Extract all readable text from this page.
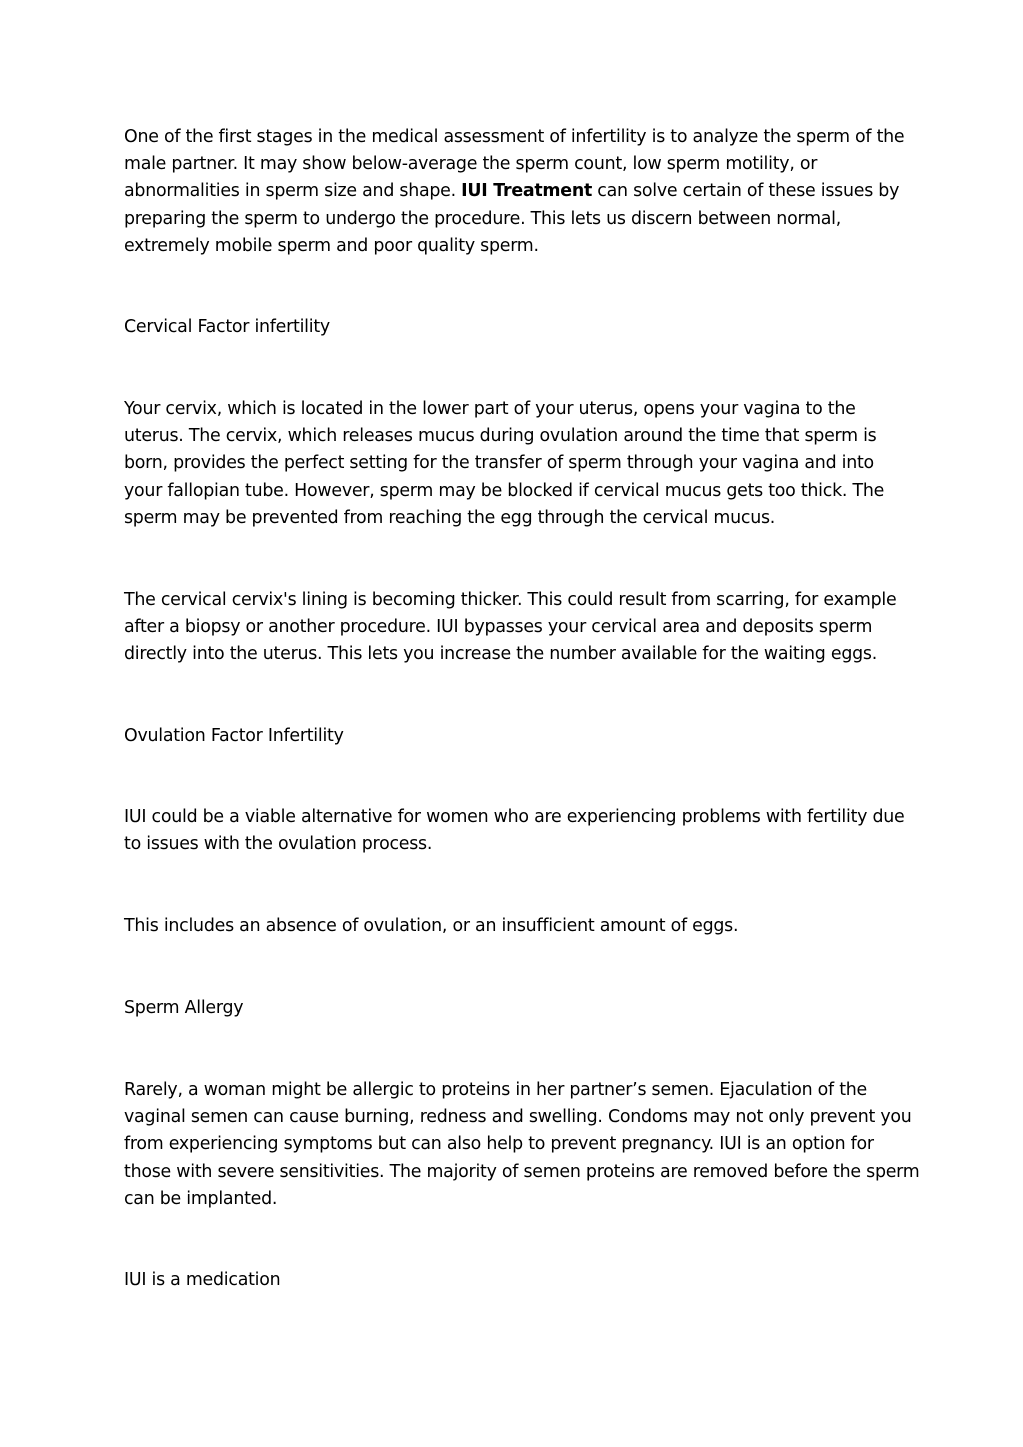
One of the first stages in the medical assessment of infertility is to analyze the sperm of the
male partner. It may show below-average the sperm count, low sperm motility, or
abnormalities in sperm size and shape. IUI Treatment can solve certain of these issues by
preparing the sperm to undergo the procedure. This lets us discern between normal,
extremely mobile sperm and poor quality sperm.

Cervical Factor infertility

Your cervix, which is located in the lower part of your uterus, opens your vagina to the
uterus. The cervix, which releases mucus during ovulation around the time that sperm is
born, provides the perfect setting for the transfer of sperm through your vagina and into
your fallopian tube. However, sperm may be blocked if cervical mucus gets too thick. The
sperm may be prevented from reaching the egg through the cervical mucus.

The cervical cervix's lining is becoming thicker. This could result from scarring, for example
after a biopsy or another procedure. IUI bypasses your cervical area and deposits sperm
directly into the uterus. This lets you increase the number available for the waiting eggs.

Ovulation Factor Infertility

IUI could be a viable alternative for women who are experiencing problems with fertility due
to issues with the ovulation process.

This includes an absence of ovulation, or an insufficient amount of eggs.

Sperm Allergy

Rarely, a woman might be allergic to proteins in her partner’s semen. Ejaculation of the
vaginal semen can cause burning, redness and swelling. Condoms may not only prevent you
from experiencing symptoms but can also help to prevent pregnancy. IUI is an option for
those with severe sensitivities. The majority of semen proteins are removed before the sperm
can be implanted.

IUI is a medication
